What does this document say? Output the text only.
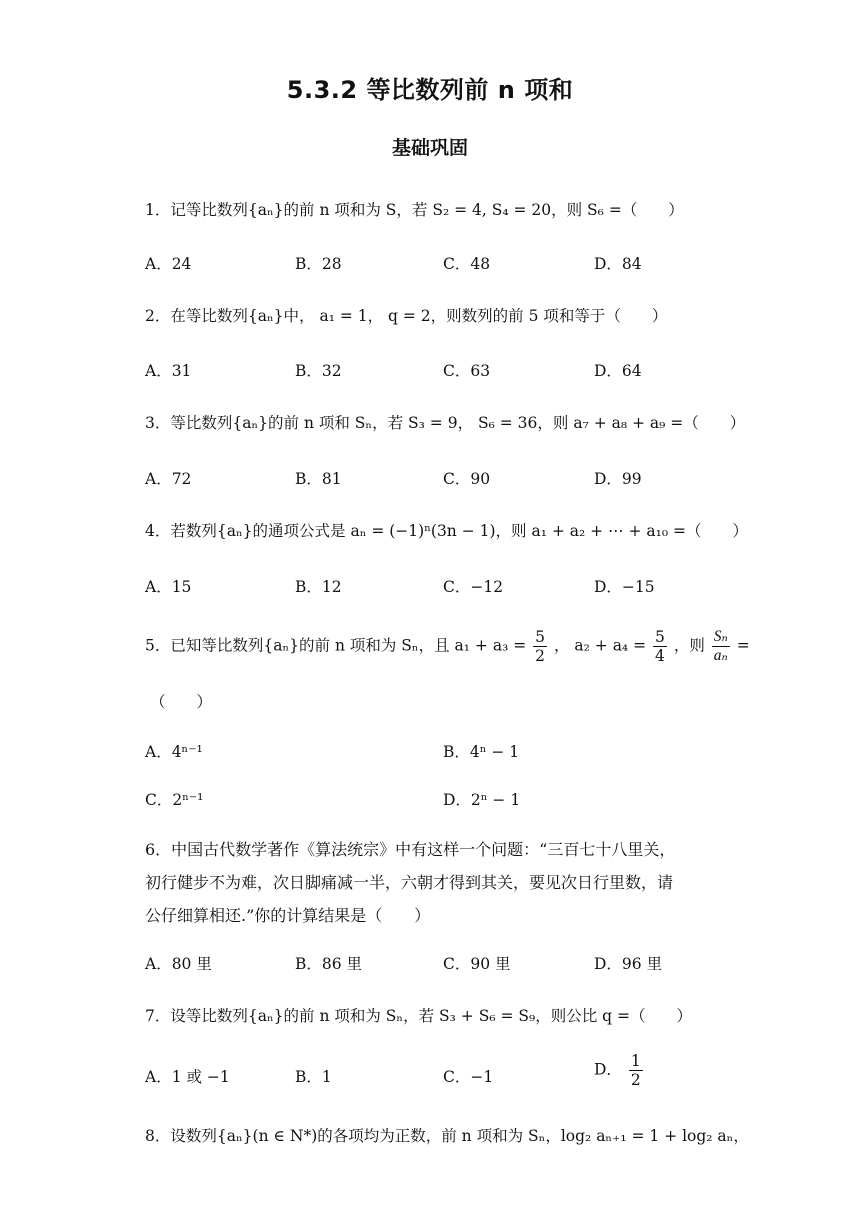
5.3.2 等比数列前 n 项和
基础巩固
1．记等比数列{aₙ}的前 n 项和为 S，若 S₂ = 4, S₄ = 20，则 S₆ =（　　）
A．24	B．28	C．48	D．84
2．在等比数列{aₙ}中， a₁ = 1， q = 2，则数列的前 5 项和等于（　　）
A．31	B．32	C．63	D．64
3．等比数列{aₙ}的前 n 项和 Sₙ，若 S₃ = 9， S₆ = 36，则 a₇ + a₈ + a₉ =（　　）
A．72	B．81	C．90	D．99
4．若数列{aₙ}的通项公式是 aₙ = (−1)ⁿ(3n − 1)，则 a₁ + a₂ + ⋯ + a₁₀ =（　　）
A．15	B．12	C．−12	D．−15
5．已知等比数列{aₙ}的前 n 项和为 Sₙ，且 $a_1 + a_3 = \frac{5}{2}$ ， $a_2 + a_4 = \frac{5}{4}$ ，则 $\frac{\text{Sₙ}}{\text{aₙ}}$ =
（　　）
A．4ⁿ⁻¹	B．4ⁿ − 1
C．2ⁿ⁻¹	D．2ⁿ − 1
6．中国古代数学著作《算法统宗》中有这样一个问题：“三百七十八里关，
初行健步不为难，次日脚痛减一半，六朝才得到其关，要见次日行里数，请
公仔细算相还.”你的计算结果是（　　）
A．80 里	B．86 里	C．90 里	D．96 里
7．设等比数列{aₙ}的前 n 项和为 Sₙ，若 S₃ + S₆ = S₉，则公比 q =（　　）
A．1 或 −1	B．1	C．−1	D． $\frac{1}{2}$
8．设数列{aₙ}(n ∈ N*)的各项均为正数，前 n 项和为 Sₙ，log₂ aₙ₊₁ = 1 + log₂ aₙ，
